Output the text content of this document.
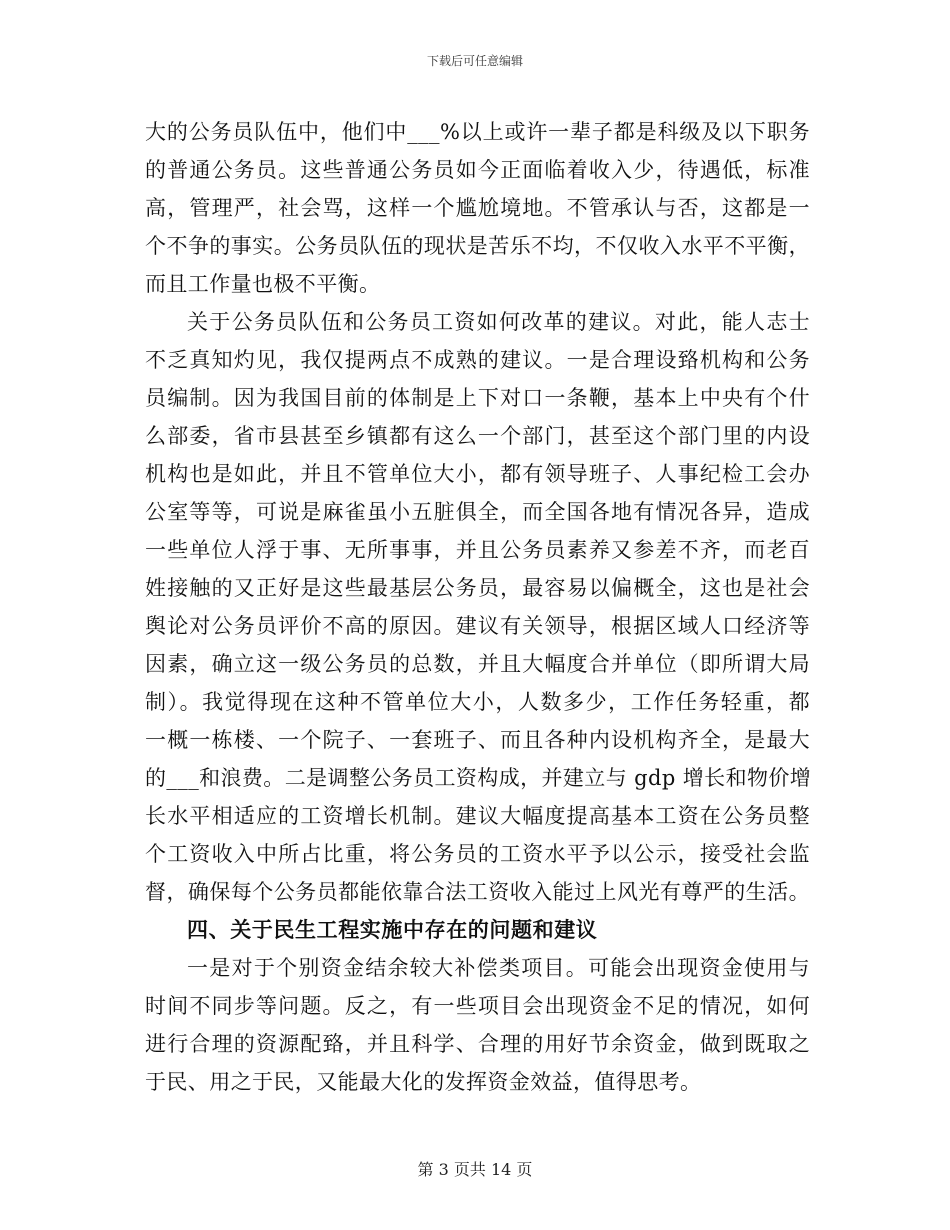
下载后可任意编辑
大的公务员队伍中，他们中___%以上或许一辈子都是科级及以下职务
的普通公务员。这些普通公务员如今正面临着收入少，待遇低，标准
高，管理严，社会骂，这样一个尴尬境地。不管承认与否，这都是一
个不争的事实。公务员队伍的现状是苦乐不均，不仅收入水平不平衡，
而且工作量也极不平衡。
关于公务员队伍和公务员工资如何改革的建议。对此，能人志士
不乏真知灼见，我仅提两点不成熟的建议。一是合理设臵机构和公务
员编制。因为我国目前的体制是上下对口一条鞭，基本上中央有个什
么部委，省市县甚至乡镇都有这么一个部门，甚至这个部门里的内设
机构也是如此，并且不管单位大小，都有领导班子、人事纪检工会办
公室等等，可说是麻雀虽小五脏俱全，而全国各地有情况各异，造成
一些单位人浮于事、无所事事，并且公务员素养又参差不齐，而老百
姓接触的又正好是这些最基层公务员，最容易以偏概全，这也是社会
舆论对公务员评价不高的原因。建议有关领导，根据区域人口经济等
因素，确立这一级公务员的总数，并且大幅度合并单位（即所谓大局
制）。我觉得现在这种不管单位大小，人数多少，工作任务轻重，都
一概一栋楼、一个院子、一套班子、而且各种内设机构齐全，是最大
的___和浪费。二是调整公务员工资构成，并建立与 gdp 增长和物价增
长水平相适应的工资增长机制。建议大幅度提高基本工资在公务员整
个工资收入中所占比重，将公务员的工资水平予以公示，接受社会监
督，确保每个公务员都能依靠合法工资收入能过上风光有尊严的生活。
四、关于民生工程实施中存在的问题和建议
一是对于个别资金结余较大补偿类项目。可能会出现资金使用与
时间不同步等问题。反之，有一些项目会出现资金不足的情况，如何
进行合理的资源配臵，并且科学、合理的用好节余资金，做到既取之
于民、用之于民，又能最大化的发挥资金效益，值得思考。
第 3 页共 14 页
